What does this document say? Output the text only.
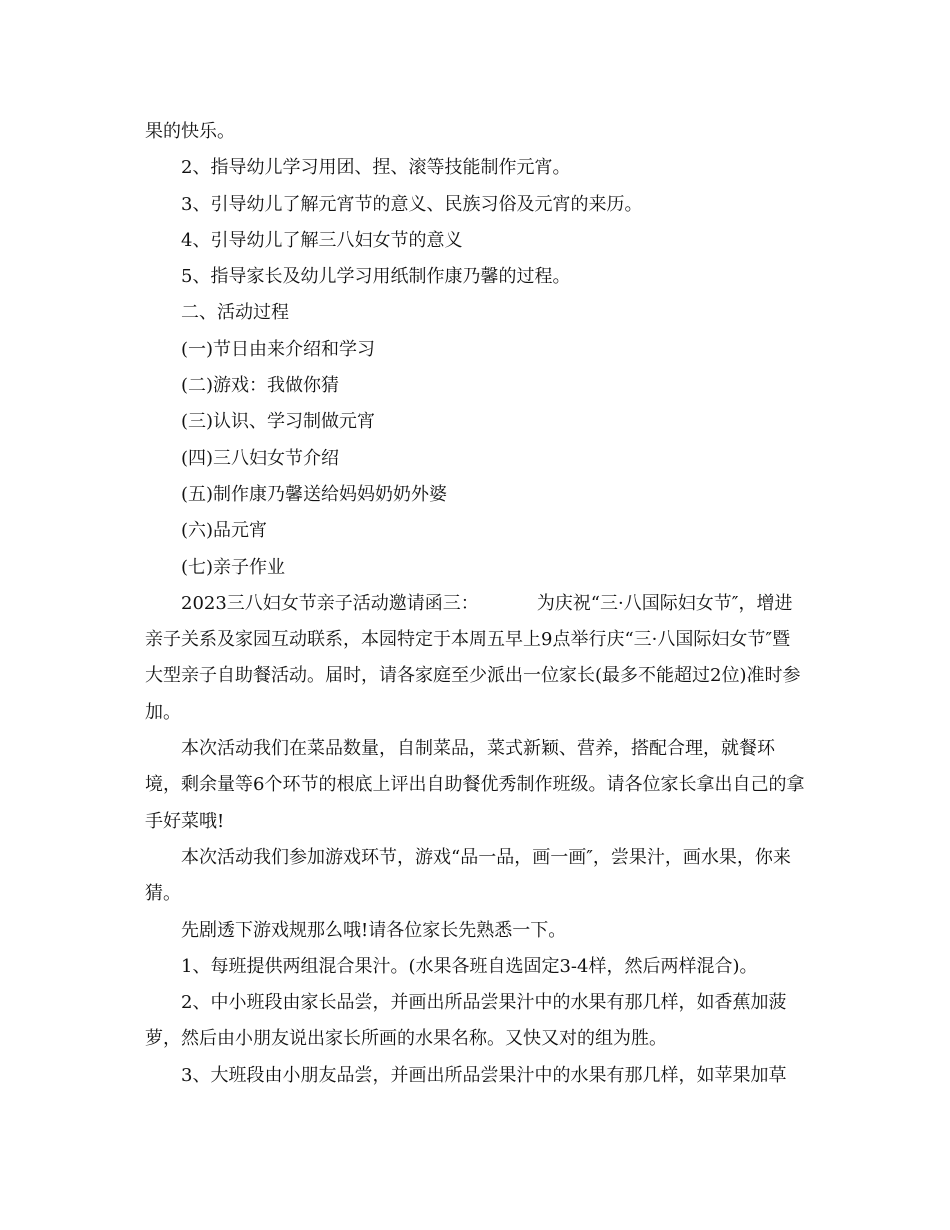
果的快乐。

2、指导幼儿学习用团、捏、滚等技能制作元宵。

3、引导幼儿了解元宵节的意义、民族习俗及元宵的来历。

4、引导幼儿了解三八妇女节的意义

5、指导家长及幼儿学习用纸制作康乃馨的过程。

二、活动过程

(一)节日由来介绍和学习

(二)游戏：我做你猜

(三)认识、学习制做元宵

(四)三八妇女节介绍

(五)制作康乃馨送给妈妈奶奶外婆

(六)品元宵

(七)亲子作业

2023三八妇女节亲子活动邀请函三：	为庆祝“三·八国际妇女节″，增进亲子关系及家园互动联系，本园特定于本周五早上9点举行庆“三·八国际妇女节″暨大型亲子自助餐活动。届时，请各家庭至少派出一位家长(最多不能超过2位)准时参加。

本次活动我们在菜品数量，自制菜品，菜式新颖、营养，搭配合理，就餐环境，剩余量等6个环节的根底上评出自助餐优秀制作班级。请各位家长拿出自己的拿手好菜哦!

本次活动我们参加游戏环节，游戏“品一品，画一画″，尝果汁，画水果，你来猜。

先剧透下游戏规那么哦!请各位家长先熟悉一下。

1、每班提供两组混合果汁。(水果各班自选固定3-4样，然后两样混合)。

2、中小班段由家长品尝，并画出所品尝果汁中的水果有那几样，如香蕉加菠萝，然后由小朋友说出家长所画的水果名称。又快又对的组为胜。

3、大班段由小朋友品尝，并画出所品尝果汁中的水果有那几样，如苹果加草
